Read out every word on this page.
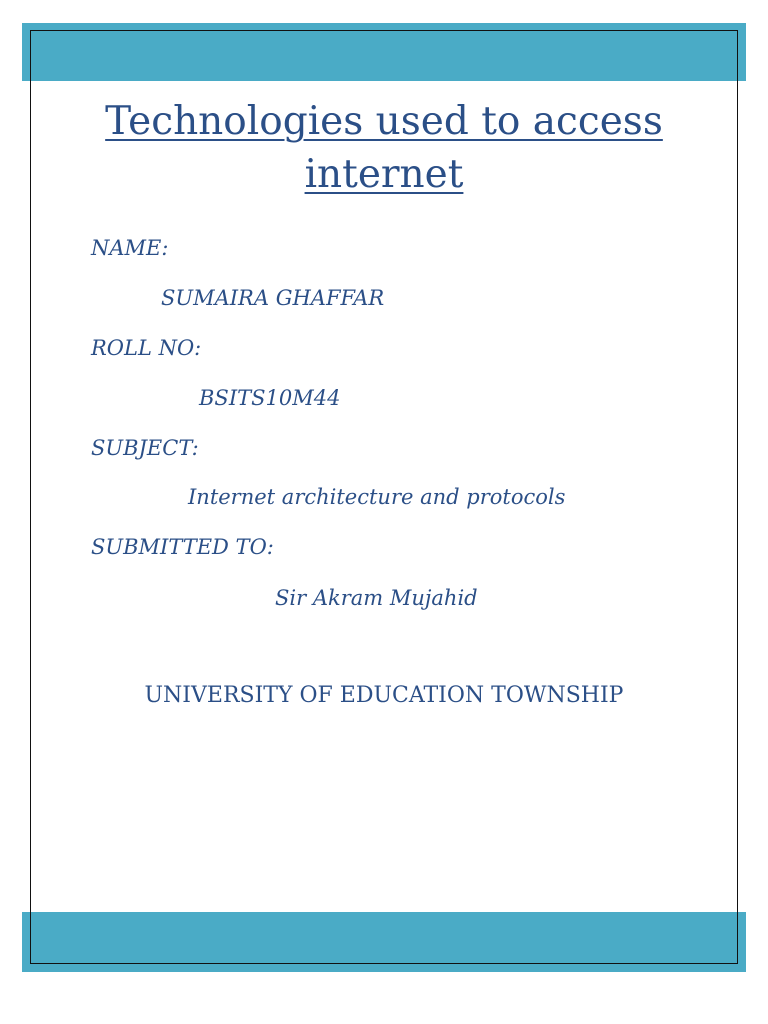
Technologies used to access
internet
NAME:
SUMAIRA GHAFFAR
ROLL NO:
BSITS10M44
SUBJECT:
Internet architecture and protocols
SUBMITTED TO:
Sir Akram Mujahid
UNIVERSITY OF EDUCATION TOWNSHIP
